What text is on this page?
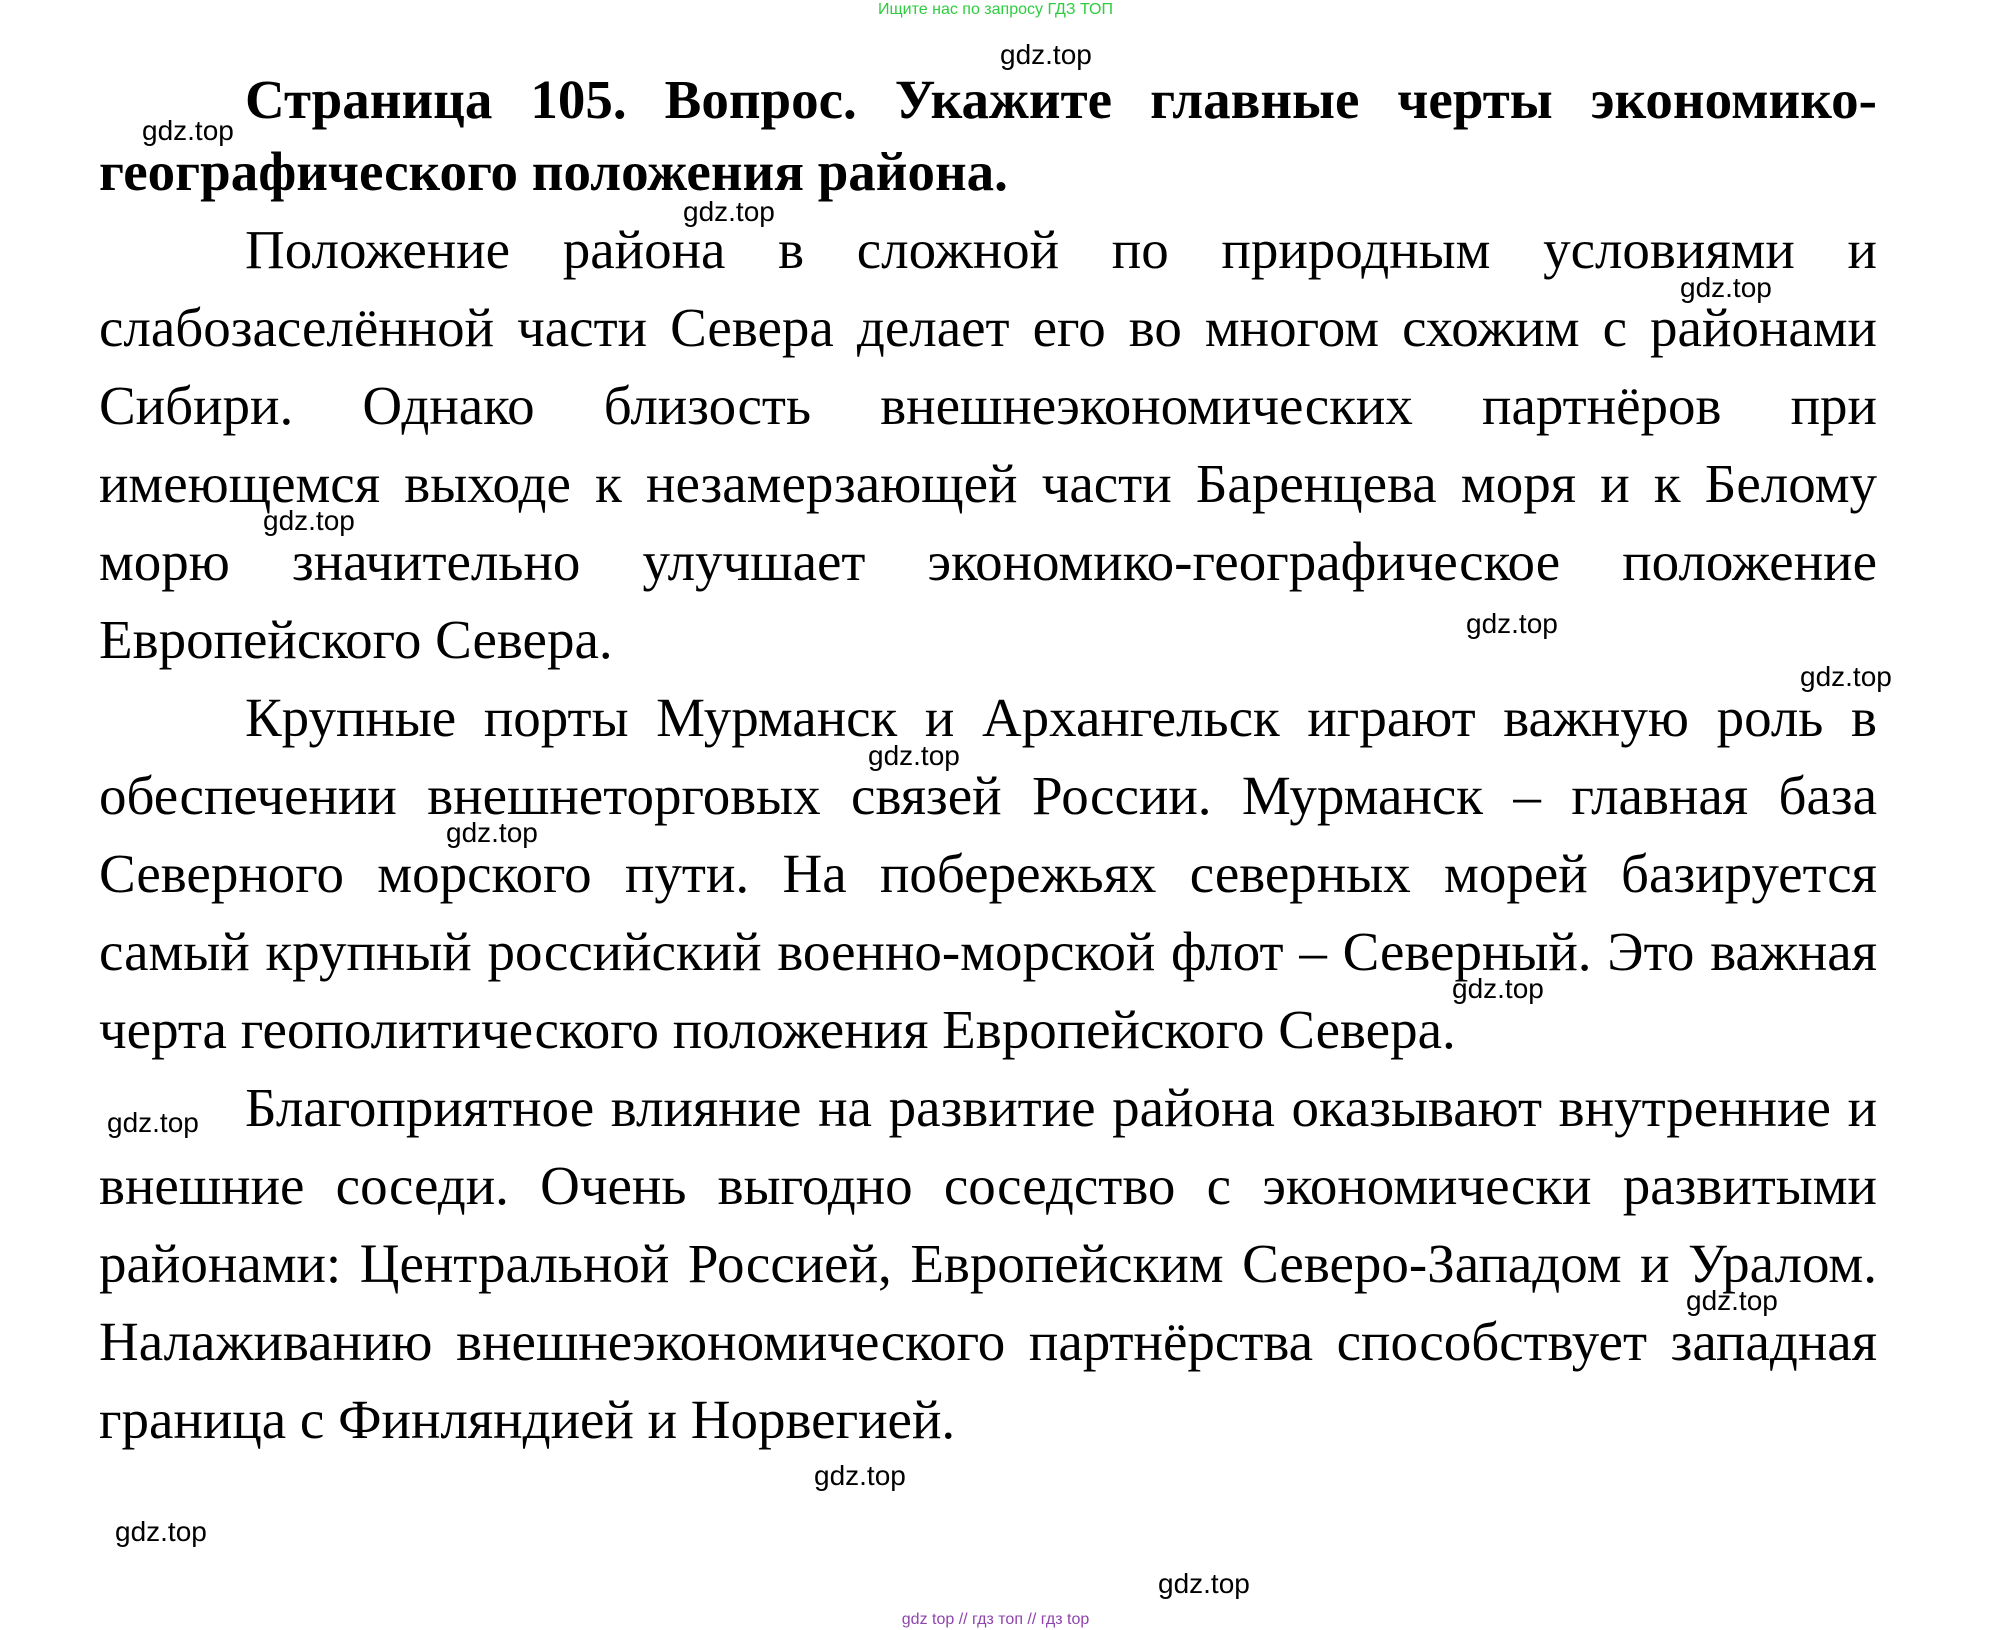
Ищите нас по запросу ГДЗ ТОП

Страница 105. Вопрос. Укажите главные черты экономико-географического положения района.

Положение района в сложной по природным условиями и слабозаселённой части Севера делает его во многом схожим с районами Сибири. Однако близость внешнеэкономических партнёров при имеющемся выходе к незамерзающей части Баренцева моря и к Белому морю значительно улучшает экономико-географическое положение Европейского Севера.

Крупные порты Мурманск и Архангельск играют важную роль в обеспечении внешнеторговых связей России. Мурманск – главная база Северного морского пути. На побережьях северных морей базируется самый крупный российский военно-морской флот – Северный. Это важная черта геополитического положения Европейского Севера.

Благоприятное влияние на развитие района оказывают внутренние и внешние соседи. Очень выгодно соседство с экономически развитыми районами: Центральной Россией, Европейским Северо-Западом и Уралом. Налаживанию внешнеэкономического партнёрства способствует западная граница с Финляндией и Норвегией.

gdz.top
gdz.top
gdz.top
gdz.top
gdz.top
gdz.top
gdz.top
gdz.top
gdz.top
gdz.top
gdz.top
gdz.top
gdz.top
gdz.top
gdz.top
gdz top // гдз топ // гдз top
